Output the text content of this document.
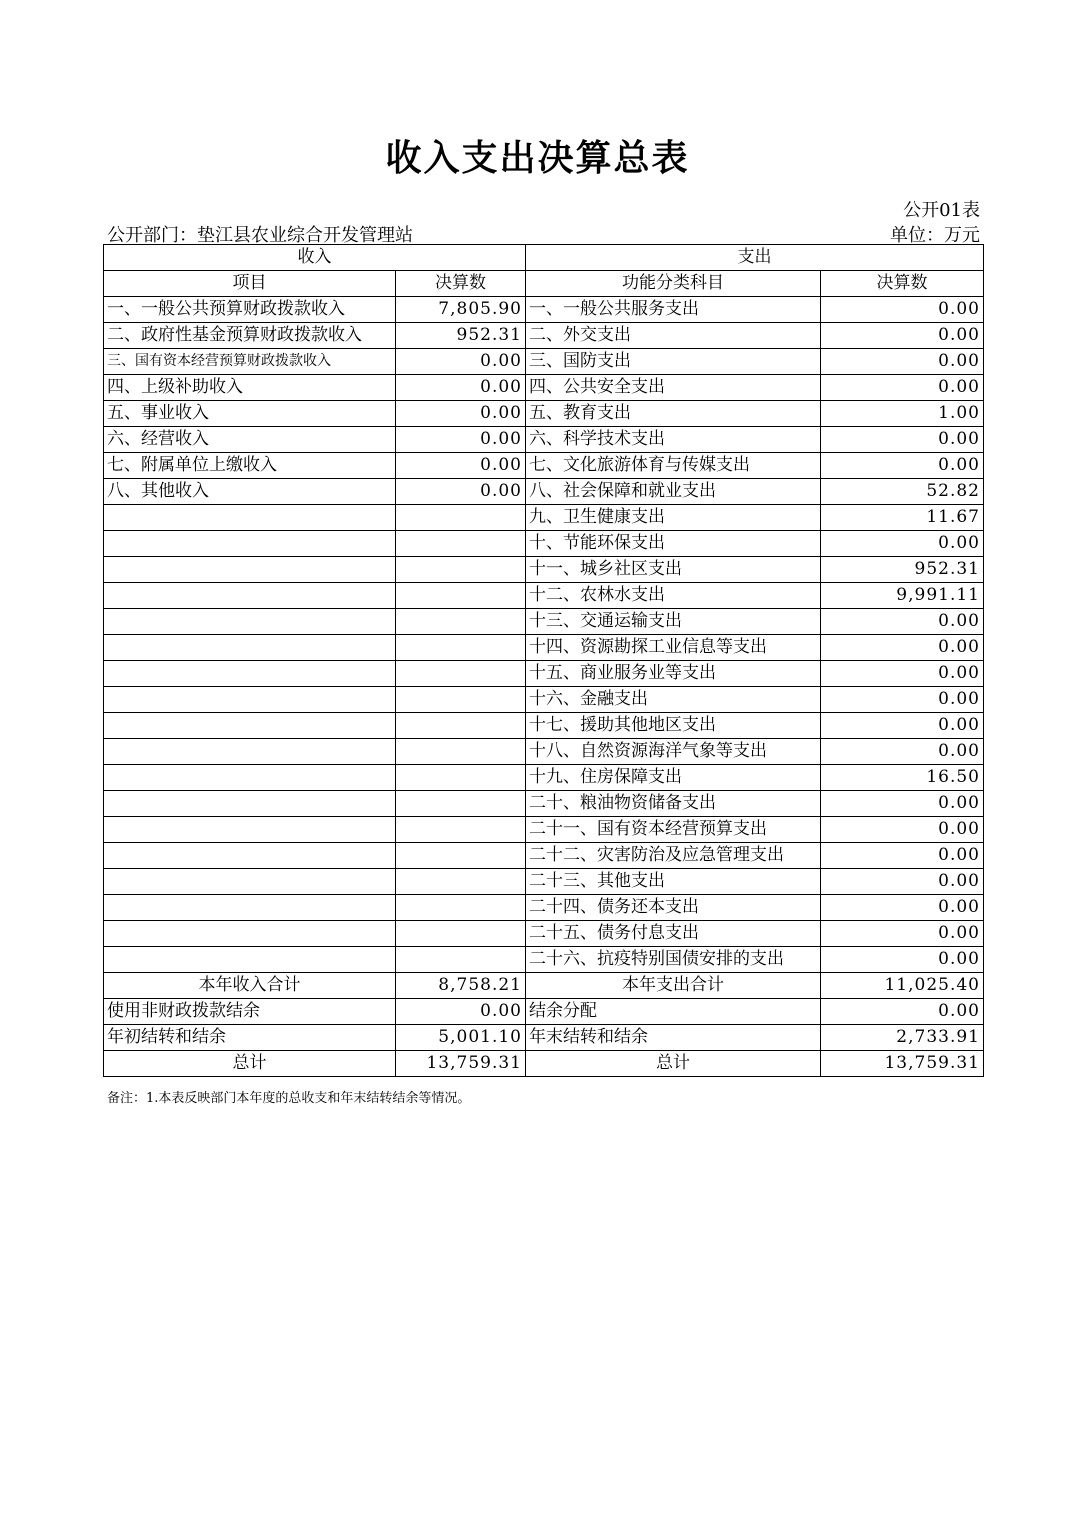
收入支出决算总表
公开01表
公开部门：垫江县农业综合开发管理站	单位：万元
收入		支出	
项目	决算数	功能分类科目	决算数
一、一般公共预算财政拨款收入	7,805.90	一、一般公共服务支出	0.00
二、政府性基金预算财政拨款收入	952.31	二、外交支出	0.00
三、国有资本经营预算财政拨款收入	0.00	三、国防支出	0.00
四、上级补助收入	0.00	四、公共安全支出	0.00
五、事业收入	0.00	五、教育支出	1.00
六、经营收入	0.00	六、科学技术支出	0.00
七、附属单位上缴收入	0.00	七、文化旅游体育与传媒支出	0.00
八、其他收入	0.00	八、社会保障和就业支出	52.82
		九、卫生健康支出	11.67
		十、节能环保支出	0.00
		十一、城乡社区支出	952.31
		十二、农林水支出	9,991.11
		十三、交通运输支出	0.00
		十四、资源勘探工业信息等支出	0.00
		十五、商业服务业等支出	0.00
		十六、金融支出	0.00
		十七、援助其他地区支出	0.00
		十八、自然资源海洋气象等支出	0.00
		十九、住房保障支出	16.50
		二十、粮油物资储备支出	0.00
		二十一、国有资本经营预算支出	0.00
		二十二、灾害防治及应急管理支出	0.00
		二十三、其他支出	0.00
		二十四、债务还本支出	0.00
		二十五、债务付息支出	0.00
		二十六、抗疫特别国债安排的支出	0.00
本年收入合计	8,758.21	本年支出合计	11,025.40
使用非财政拨款结余	0.00	结余分配	0.00
年初结转和结余	5,001.10	年末结转和结余	2,733.91
总计	13,759.31	总计	13,759.31
备注：1.本表反映部门本年度的总收支和年末结转结余等情况。
